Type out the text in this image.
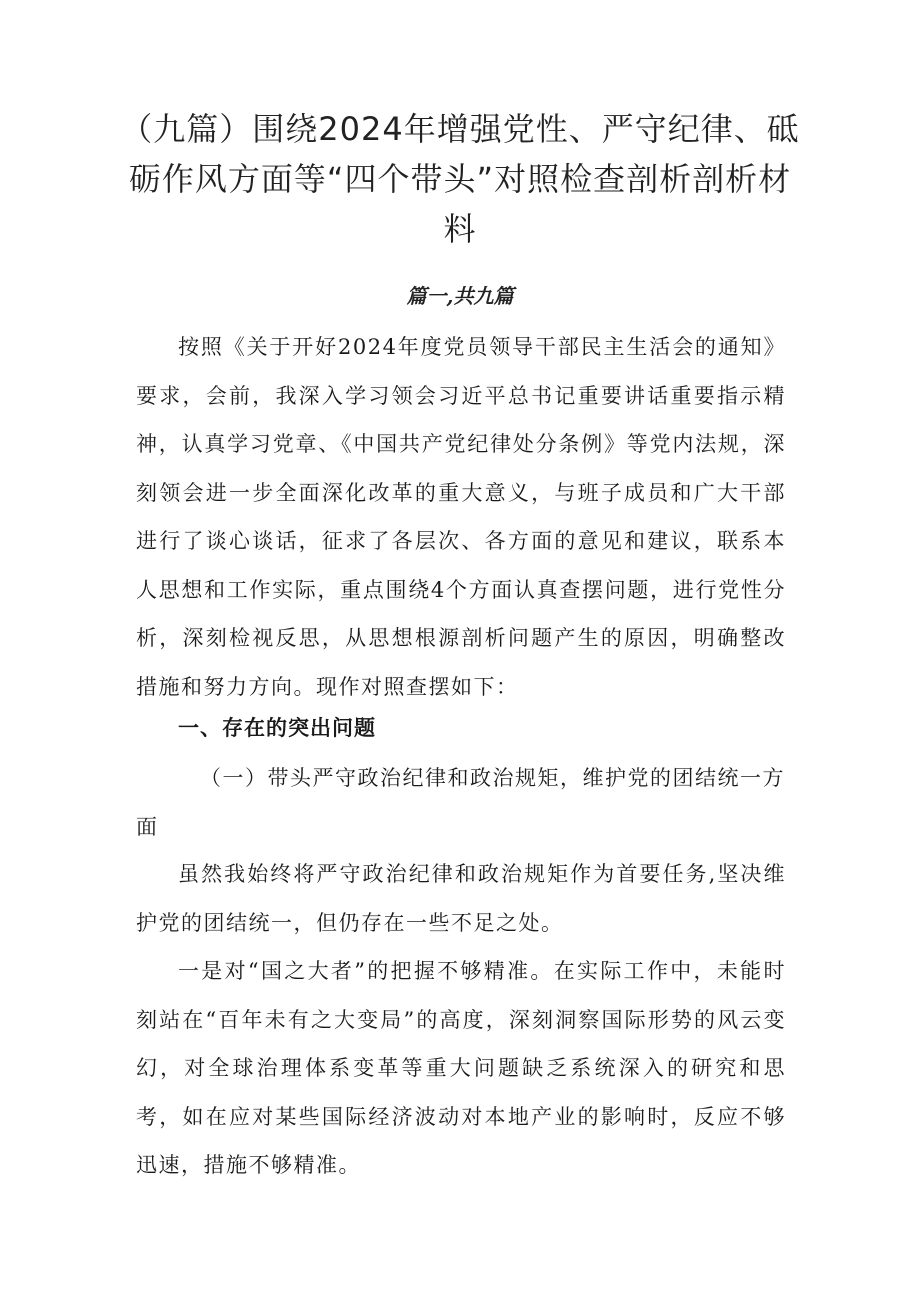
（九篇）围绕2024年增强党性、严守纪律、砥砺作风方面等“四个带头”对照检查剖析剖析材料
篇一,共九篇

按照《关于开好2024年度党员领导干部民主生活会的通知》要求，会前，我深入学习领会习近平总书记重要讲话重要指示精神，认真学习党章、《中国共产党纪律处分条例》等党内法规，深刻领会进一步全面深化改革的重大意义，与班子成员和广大干部进行了谈心谈话，征求了各层次、各方面的意见和建议，联系本人思想和工作实际，重点围绕4个方面认真查摆问题，进行党性分析，深刻检视反思，从思想根源剖析问题产生的原因，明确整改措施和努力方向。现作对照查摆如下：

一、存在的突出问题

（一）带头严守政治纪律和政治规矩，维护党的团结统一方面

虽然我始终将严守政治纪律和政治规矩作为首要任务,坚决维护党的团结统一，但仍存在一些不足之处。

一是对“国之大者”的把握不够精准。在实际工作中，未能时刻站在“百年未有之大变局”的高度，深刻洞察国际形势的风云变幻，对全球治理体系变革等重大问题缺乏系统深入的研究和思考，如在应对某些国际经济波动对本地产业的影响时，反应不够迅速，措施不够精准。
